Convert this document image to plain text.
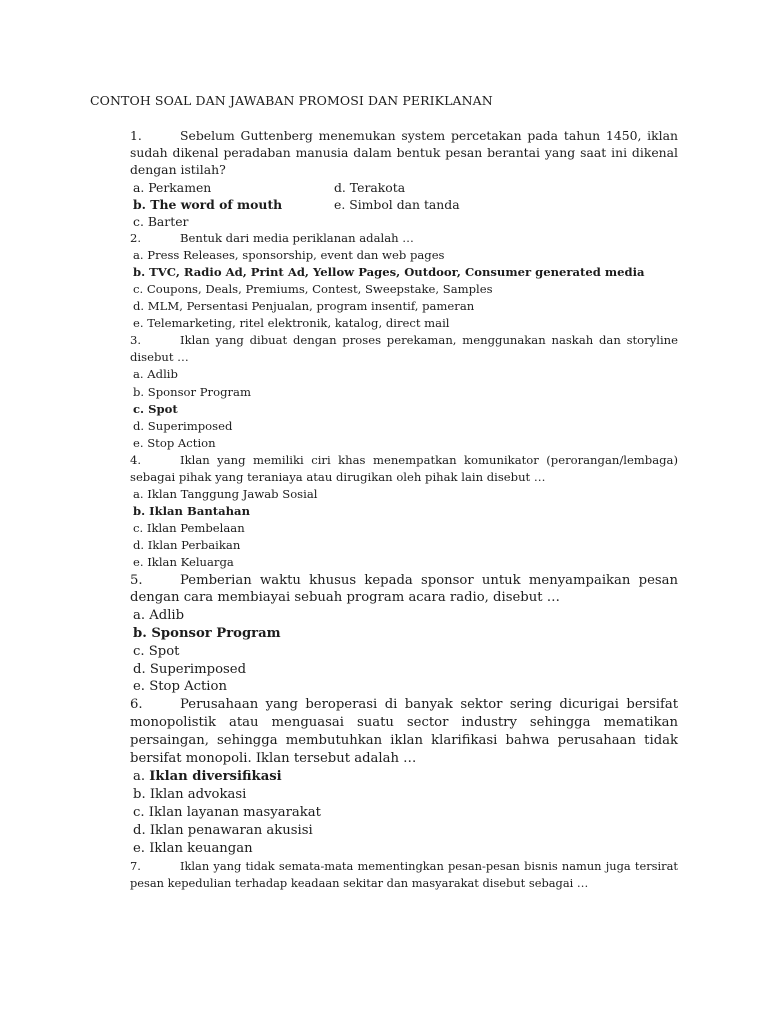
CONTOH SOAL DAN JAWABAN PROMOSI DAN PERIKLANAN
1.	Sebelum Guttenberg menemukan system percetakan pada tahun 1450, iklan sudah dikenal peradaban manusia dalam bentuk pesan berantai yang saat ini dikenal dengan istilah?
a. Perkamen	d. Terakota
b. The word of mouth	e. Simbol dan tanda
c. Barter
2.	Bentuk dari media periklanan adalah …
a. Press Releases, sponsorship, event dan web pages
b. TVC, Radio Ad, Print Ad, Yellow Pages, Outdoor, Consumer generated media
c. Coupons, Deals, Premiums, Contest, Sweepstake, Samples
d. MLM, Persentasi Penjualan, program insentif, pameran
e. Telemarketing, ritel elektronik, katalog, direct mail
3.	Iklan yang dibuat dengan proses perekaman, menggunakan naskah dan storyline disebut …
a. Adlib
b. Sponsor Program
c. Spot
d. Superimposed
e. Stop Action
4.	Iklan yang memiliki ciri khas menempatkan komunikator (perorangan/lembaga) sebagai pihak yang teraniaya atau dirugikan oleh pihak lain disebut …
a. Iklan Tanggung Jawab Sosial
b. Iklan Bantahan
c. Iklan Pembelaan
d. Iklan Perbaikan
e. Iklan Keluarga
5.	Pemberian waktu khusus kepada sponsor untuk menyampaikan pesan dengan cara membiayai sebuah program acara radio, disebut …
a. Adlib
b. Sponsor Program
c. Spot
d. Superimposed
e. Stop Action
6.	Perusahaan yang beroperasi di banyak sektor sering dicurigai bersifat monopolistik atau menguasai suatu sector industry sehingga mematikan persaingan, sehingga membutuhkan iklan klarifikasi bahwa perusahaan tidak bersifat monopoli. Iklan tersebut adalah …
a. Iklan diversifikasi
b. Iklan advokasi
c. Iklan layanan masyarakat
d. Iklan penawaran akusisi
e. Iklan keuangan
7.	Iklan yang tidak semata-mata mementingkan pesan-pesan bisnis namun juga tersirat pesan kepedulian terhadap keadaan sekitar dan masyarakat disebut sebagai …
